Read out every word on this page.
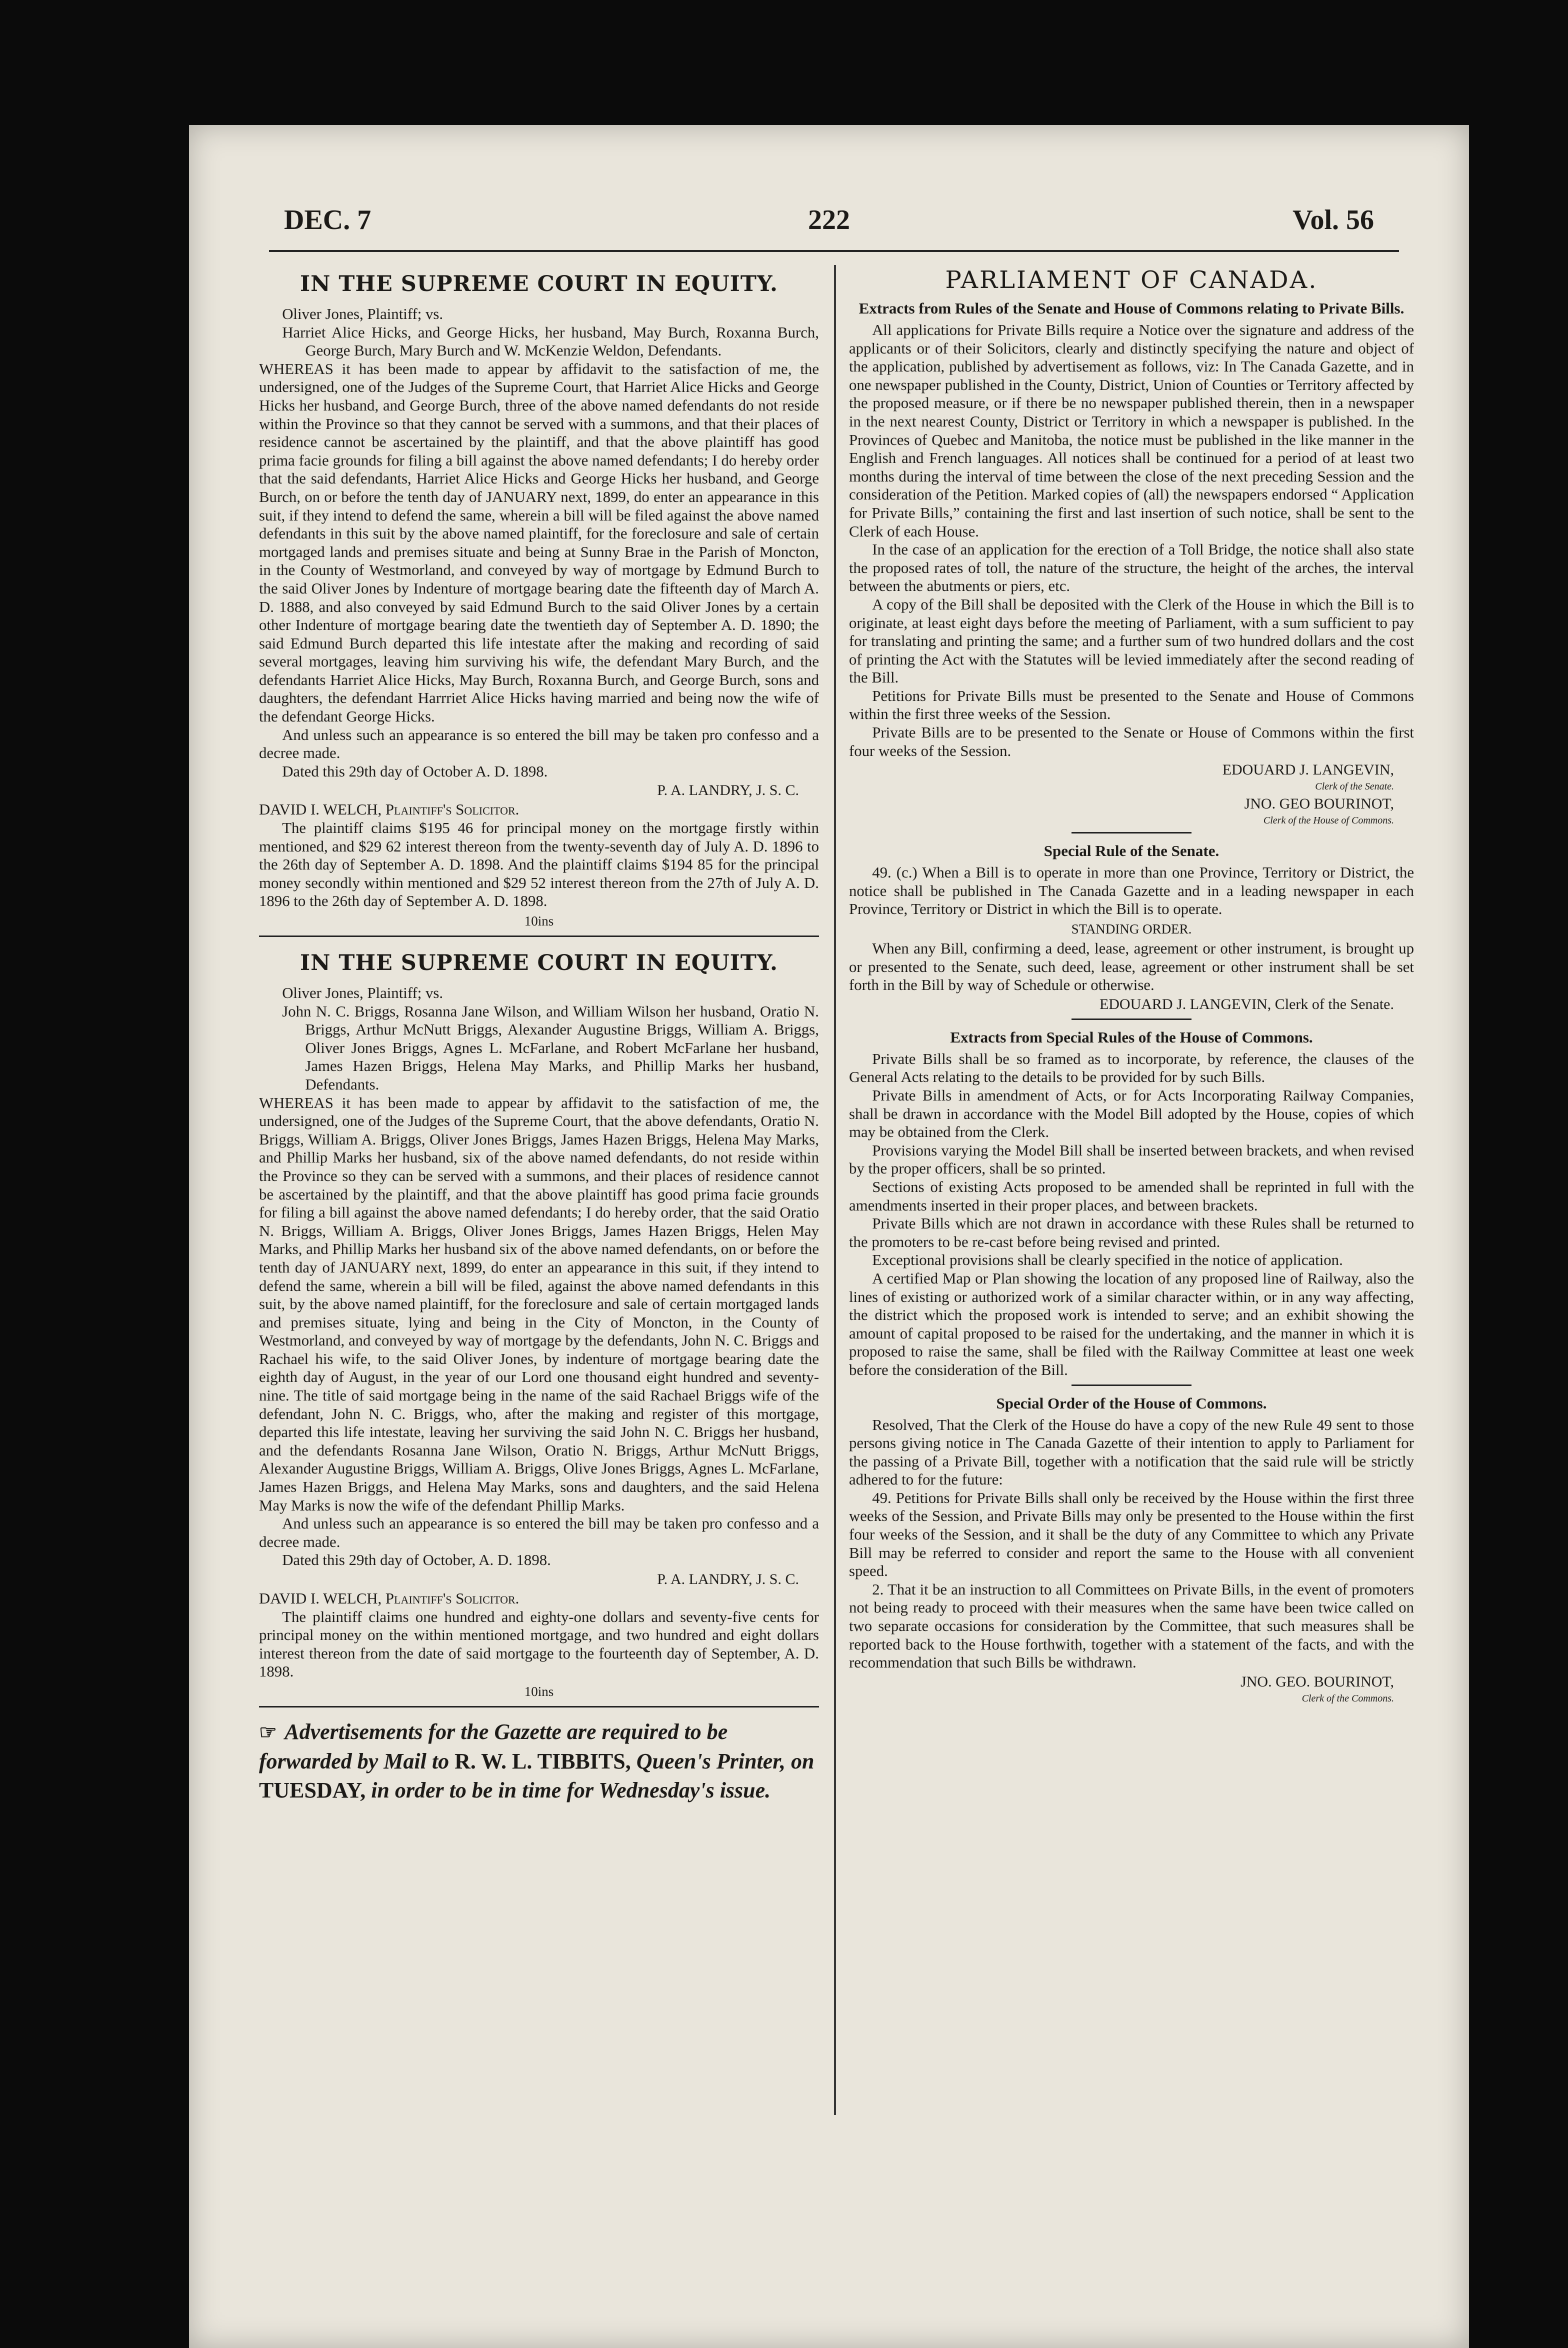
DEC. 7	222	Vol. 56
IN THE SUPREME COURT IN EQUITY.

Oliver Jones, Plaintiff; vs.

Harriet Alice Hicks, and George Hicks, her husband, May Burch, Roxanna Burch, George Burch, Mary Burch and W. McKenzie Weldon, Defendants.

WHEREAS it has been made to appear by affidavit to the satisfaction of me, the undersigned, one of the Judges of the Supreme Court, that Harriet Alice Hicks and George Hicks her husband, and George Burch, three of the above named defendants do not reside within the Province so that they cannot be served with a summons, and that their places of residence cannot be ascertained by the plaintiff, and that the above plaintiff has good prima facie grounds for filing a bill against the above named defendants; I do hereby order that the said defendants, Harriet Alice Hicks and George Hicks her husband, and George Burch, on or before the tenth day of JANUARY next, 1899, do enter an appearance in this suit, if they intend to defend the same, wherein a bill will be filed against the above named defendants in this suit by the above named plaintiff, for the foreclosure and sale of certain mortgaged lands and premises situate and being at Sunny Brae in the Parish of Moncton, in the County of Westmorland, and conveyed by way of mortgage by Edmund Burch to the said Oliver Jones by Indenture of mortgage bearing date the fifteenth day of March A. D. 1888, and also conveyed by said Edmund Burch to the said Oliver Jones by a certain other Indenture of mortgage bearing date the twentieth day of September A. D. 1890; the said Edmund Burch departed this life intestate after the making and recording of said several mortgages, leaving him surviving his wife, the defendant Mary Burch, and the defendants Harriet Alice Hicks, May Burch, Roxanna Burch, and George Burch, sons and daughters, the defendant Harrriet Alice Hicks having married and being now the wife of the defendant George Hicks.

And unless such an appearance is so entered the bill may be taken pro confesso and a decree made.

Dated this 29th day of October A. D. 1898.

P. A. LANDRY, J. S. C.

DAVID I. WELCH, Plaintiff's Solicitor.

The plaintiff claims $195 46 for principal money on the mortgage firstly within mentioned, and $29 62 interest thereon from the twenty-seventh day of July A. D. 1896 to the 26th day of September A. D. 1898. And the plaintiff claims $194 85 for the principal money secondly within mentioned and $29 52 interest thereon from the 27th of July A. D. 1896 to the 26th day of September A. D. 1898.

10ins

IN THE SUPREME COURT IN EQUITY.

Oliver Jones, Plaintiff; vs.

John N. C. Briggs, Rosanna Jane Wilson, and William Wilson her husband, Oratio N. Briggs, Arthur McNutt Briggs, Alexander Augustine Briggs, William A. Briggs, Oliver Jones Briggs, Agnes L. McFarlane, and Robert McFarlane her husband, James Hazen Briggs, Helena May Marks, and Phillip Marks her husband, Defendants.

WHEREAS it has been made to appear by affidavit to the satisfaction of me, the undersigned, one of the Judges of the Supreme Court, that the above defendants, Oratio N. Briggs, William A. Briggs, Oliver Jones Briggs, James Hazen Briggs, Helena May Marks, and Phillip Marks her husband, six of the above named defendants, do not reside within the Province so they can be served with a summons, and their places of residence cannot be ascertained by the plaintiff, and that the above plaintiff has good prima facie grounds for filing a bill against the above named defendants; I do hereby order, that the said Oratio N. Briggs, William A. Briggs, Oliver Jones Briggs, James Hazen Briggs, Helen May Marks, and Phillip Marks her husband six of the above named defendants, on or before the tenth day of JANUARY next, 1899, do enter an appearance in this suit, if they intend to defend the same, wherein a bill will be filed, against the above named defendants in this suit, by the above named plaintiff, for the foreclosure and sale of certain mortgaged lands and premises situate, lying and being in the City of Moncton, in the County of Westmorland, and conveyed by way of mortgage by the defendants, John N. C. Briggs and Rachael his wife, to the said Oliver Jones, by indenture of mortgage bearing date the eighth day of August, in the year of our Lord one thousand eight hundred and seventy-nine. The title of said mortgage being in the name of the said Rachael Briggs wife of the defendant, John N. C. Briggs, who, after the making and register of this mortgage, departed this life intestate, leaving her surviving the said John N. C. Briggs her husband, and the defendants Rosanna Jane Wilson, Oratio N. Briggs, Arthur McNutt Briggs, Alexander Augustine Briggs, William A. Briggs, Olive Jones Briggs, Agnes L. McFarlane, James Hazen Briggs, and Helena May Marks, sons and daughters, and the said Helena May Marks is now the wife of the defendant Phillip Marks.

And unless such an appearance is so entered the bill may be taken pro confesso and a decree made.

Dated this 29th day of October, A. D. 1898.

P. A. LANDRY, J. S. C.

DAVID I. WELCH, Plaintiff's Solicitor.

The plaintiff claims one hundred and eighty-one dollars and seventy-five cents for principal money on the within mentioned mortgage, and two hundred and eight dollars interest thereon from the date of said mortgage to the fourteenth day of September, A. D. 1898.

10ins

☞ Advertisements for the Gazette are required to be forwarded by Mail to R. W. L. TIBBITS, Queen's Printer, on TUESDAY, in order to be in time for Wednesday's issue.

PARLIAMENT OF CANADA.
Extracts from Rules of the Senate and House of Commons relating to Private Bills.

All applications for Private Bills require a Notice over the signature and address of the applicants or of their Solicitors, clearly and distinctly specifying the nature and object of the application, published by advertisement as follows, viz: In The Canada Gazette, and in one newspaper published in the County, District, Union of Counties or Territory affected by the proposed measure, or if there be no newspaper published therein, then in a newspaper in the next nearest County, District or Territory in which a newspaper is published. In the Provinces of Quebec and Manitoba, the notice must be published in the like manner in the English and French languages. All notices shall be continued for a period of at least two months during the interval of time between the close of the next preceding Session and the consideration of the Petition. Marked copies of (all) the newspapers endorsed “ Application for Private Bills,” containing the first and last insertion of such notice, shall be sent to the Clerk of each House.

In the case of an application for the erection of a Toll Bridge, the notice shall also state the proposed rates of toll, the nature of the structure, the height of the arches, the interval between the abutments or piers, etc.

A copy of the Bill shall be deposited with the Clerk of the House in which the Bill is to originate, at least eight days before the meeting of Parliament, with a sum sufficient to pay for translating and printing the same; and a further sum of two hundred dollars and the cost of printing the Act with the Statutes will be levied immediately after the second reading of the Bill.

Petitions for Private Bills must be presented to the Senate and House of Commons within the first three weeks of the Session.

Private Bills are to be presented to the Senate or House of Commons within the first four weeks of the Session.

EDOUARD J. LANGEVIN,

Clerk of the Senate.

JNO. GEO BOURINOT,

Clerk of the House of Commons.

Special Rule of the Senate.

49. (c.) When a Bill is to operate in more than one Province, Territory or District, the notice shall be published in The Canada Gazette and in a leading newspaper in each Province, Territory or District in which the Bill is to operate.

STANDING ORDER.

When any Bill, confirming a deed, lease, agreement or other instrument, is brought up or presented to the Senate, such deed, lease, agreement or other instrument shall be set forth in the Bill by way of Schedule or otherwise.

EDOUARD J. LANGEVIN, Clerk of the Senate.

Extracts from Special Rules of the House of Commons.

Private Bills shall be so framed as to incorporate, by reference, the clauses of the General Acts relating to the details to be provided for by such Bills.

Private Bills in amendment of Acts, or for Acts Incorporating Railway Companies, shall be drawn in accordance with the Model Bill adopted by the House, copies of which may be obtained from the Clerk.

Provisions varying the Model Bill shall be inserted between brackets, and when revised by the proper officers, shall be so printed.

Sections of existing Acts proposed to be amended shall be reprinted in full with the amendments inserted in their proper places, and between brackets.

Private Bills which are not drawn in accordance with these Rules shall be returned to the promoters to be re-cast before being revised and printed.

Exceptional provisions shall be clearly specified in the notice of application.

A certified Map or Plan showing the location of any proposed line of Railway, also the lines of existing or authorized work of a similar character within, or in any way affecting, the district which the proposed work is intended to serve; and an exhibit showing the amount of capital proposed to be raised for the undertaking, and the manner in which it is proposed to raise the same, shall be filed with the Railway Committee at least one week before the consideration of the Bill.

Special Order of the House of Commons.

Resolved, That the Clerk of the House do have a copy of the new Rule 49 sent to those persons giving notice in The Canada Gazette of their intention to apply to Parliament for the passing of a Private Bill, together with a notification that the said rule will be strictly adhered to for the future:

49. Petitions for Private Bills shall only be received by the House within the first three weeks of the Session, and Private Bills may only be presented to the House within the first four weeks of the Session, and it shall be the duty of any Committee to which any Private Bill may be referred to consider and report the same to the House with all convenient speed.

2. That it be an instruction to all Committees on Private Bills, in the event of promoters not being ready to proceed with their measures when the same have been twice called on two separate occasions for consideration by the Committee, that such measures shall be reported back to the House forthwith, together with a statement of the facts, and with the recommendation that such Bills be withdrawn.

JNO. GEO. BOURINOT,

Clerk of the Commons.
